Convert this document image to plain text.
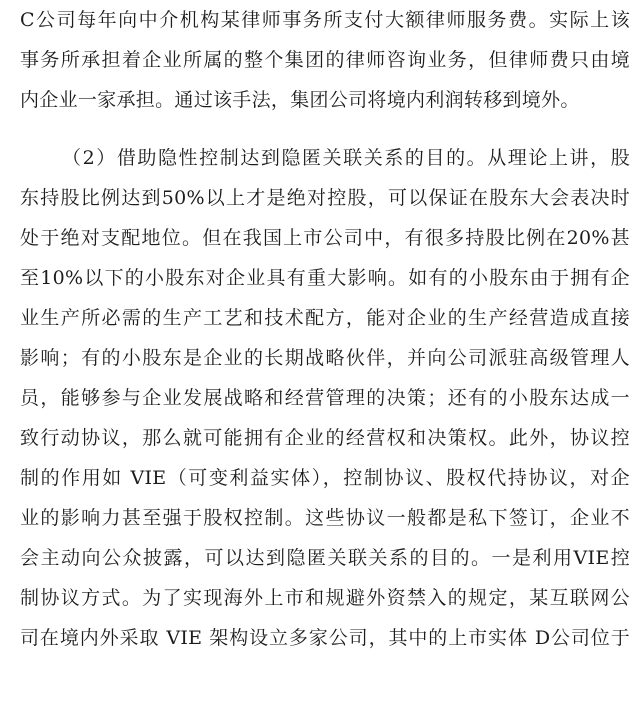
C公司每年向中介机构某律师事务所支付大额律师服务费。实际上该
事务所承担着企业所属的整个集团的律师咨询业务，但律师费只由境
内企业一家承担。通过该手法，集团公司将境内利润转移到境外。
（2）借助隐性控制达到隐匿关联关系的目的。从理论上讲，股
东持股比例达到50%以上才是绝对控股，可以保证在股东大会表决时
处于绝对支配地位。但在我国上市公司中，有很多持股比例在20%甚
至10%以下的小股东对企业具有重大影响。如有的小股东由于拥有企
业生产所必需的生产工艺和技术配方，能对企业的生产经营造成直接
影响；有的小股东是企业的长期战略伙伴，并向公司派驻高级管理人
员，能够参与企业发展战略和经营管理的决策；还有的小股东达成一
致行动协议，那么就可能拥有企业的经营权和决策权。此外，协议控
制的作用如 VIE（可变利益实体），控制协议、股权代持协议，对企
业的影响力甚至强于股权控制。这些协议一般都是私下签订，企业不
会主动向公众披露，可以达到隐匿关联关系的目的。一是利用VIE控
制协议方式。为了实现海外上市和规避外资禁入的规定，某互联网公
司在境内外采取 VIE 架构设立多家公司，其中的上市实体 D公司位于
